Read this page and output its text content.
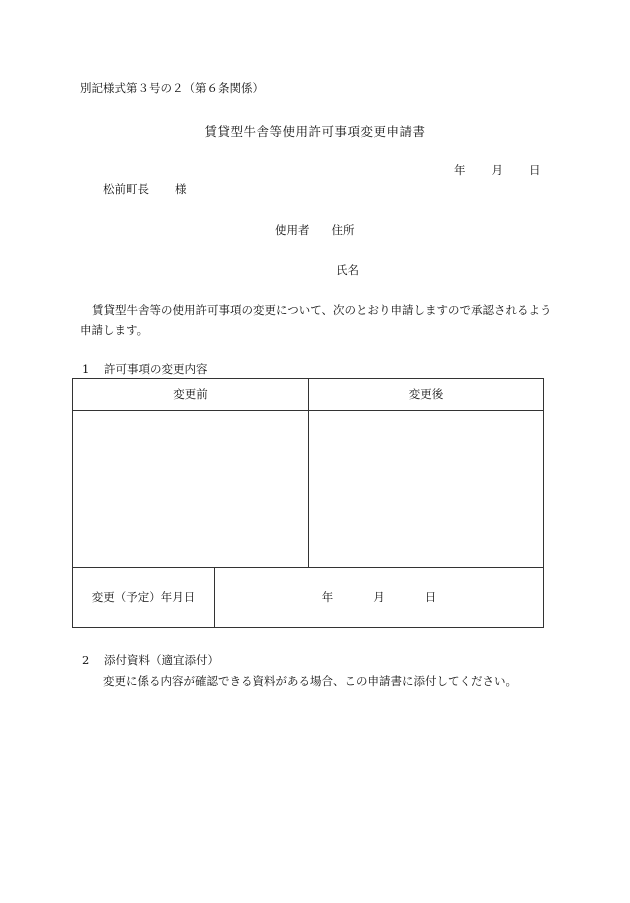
別記様式第３号の２（第６条関係）
賃貸型牛舎等使用許可事項変更申請書
年 月 日
松前町長 様
使用者 住所
氏名
賃貸型牛舎等の使用許可事項の変更について、次のとおり申請しますので承認されるよう申請します。
1 許可事項の変更内容
変更前	変更後
変更（予定）年月日	年	月	日
2 添付資料（適宜添付）
変更に係る内容が確認できる資料がある場合、この申請書に添付してください。
